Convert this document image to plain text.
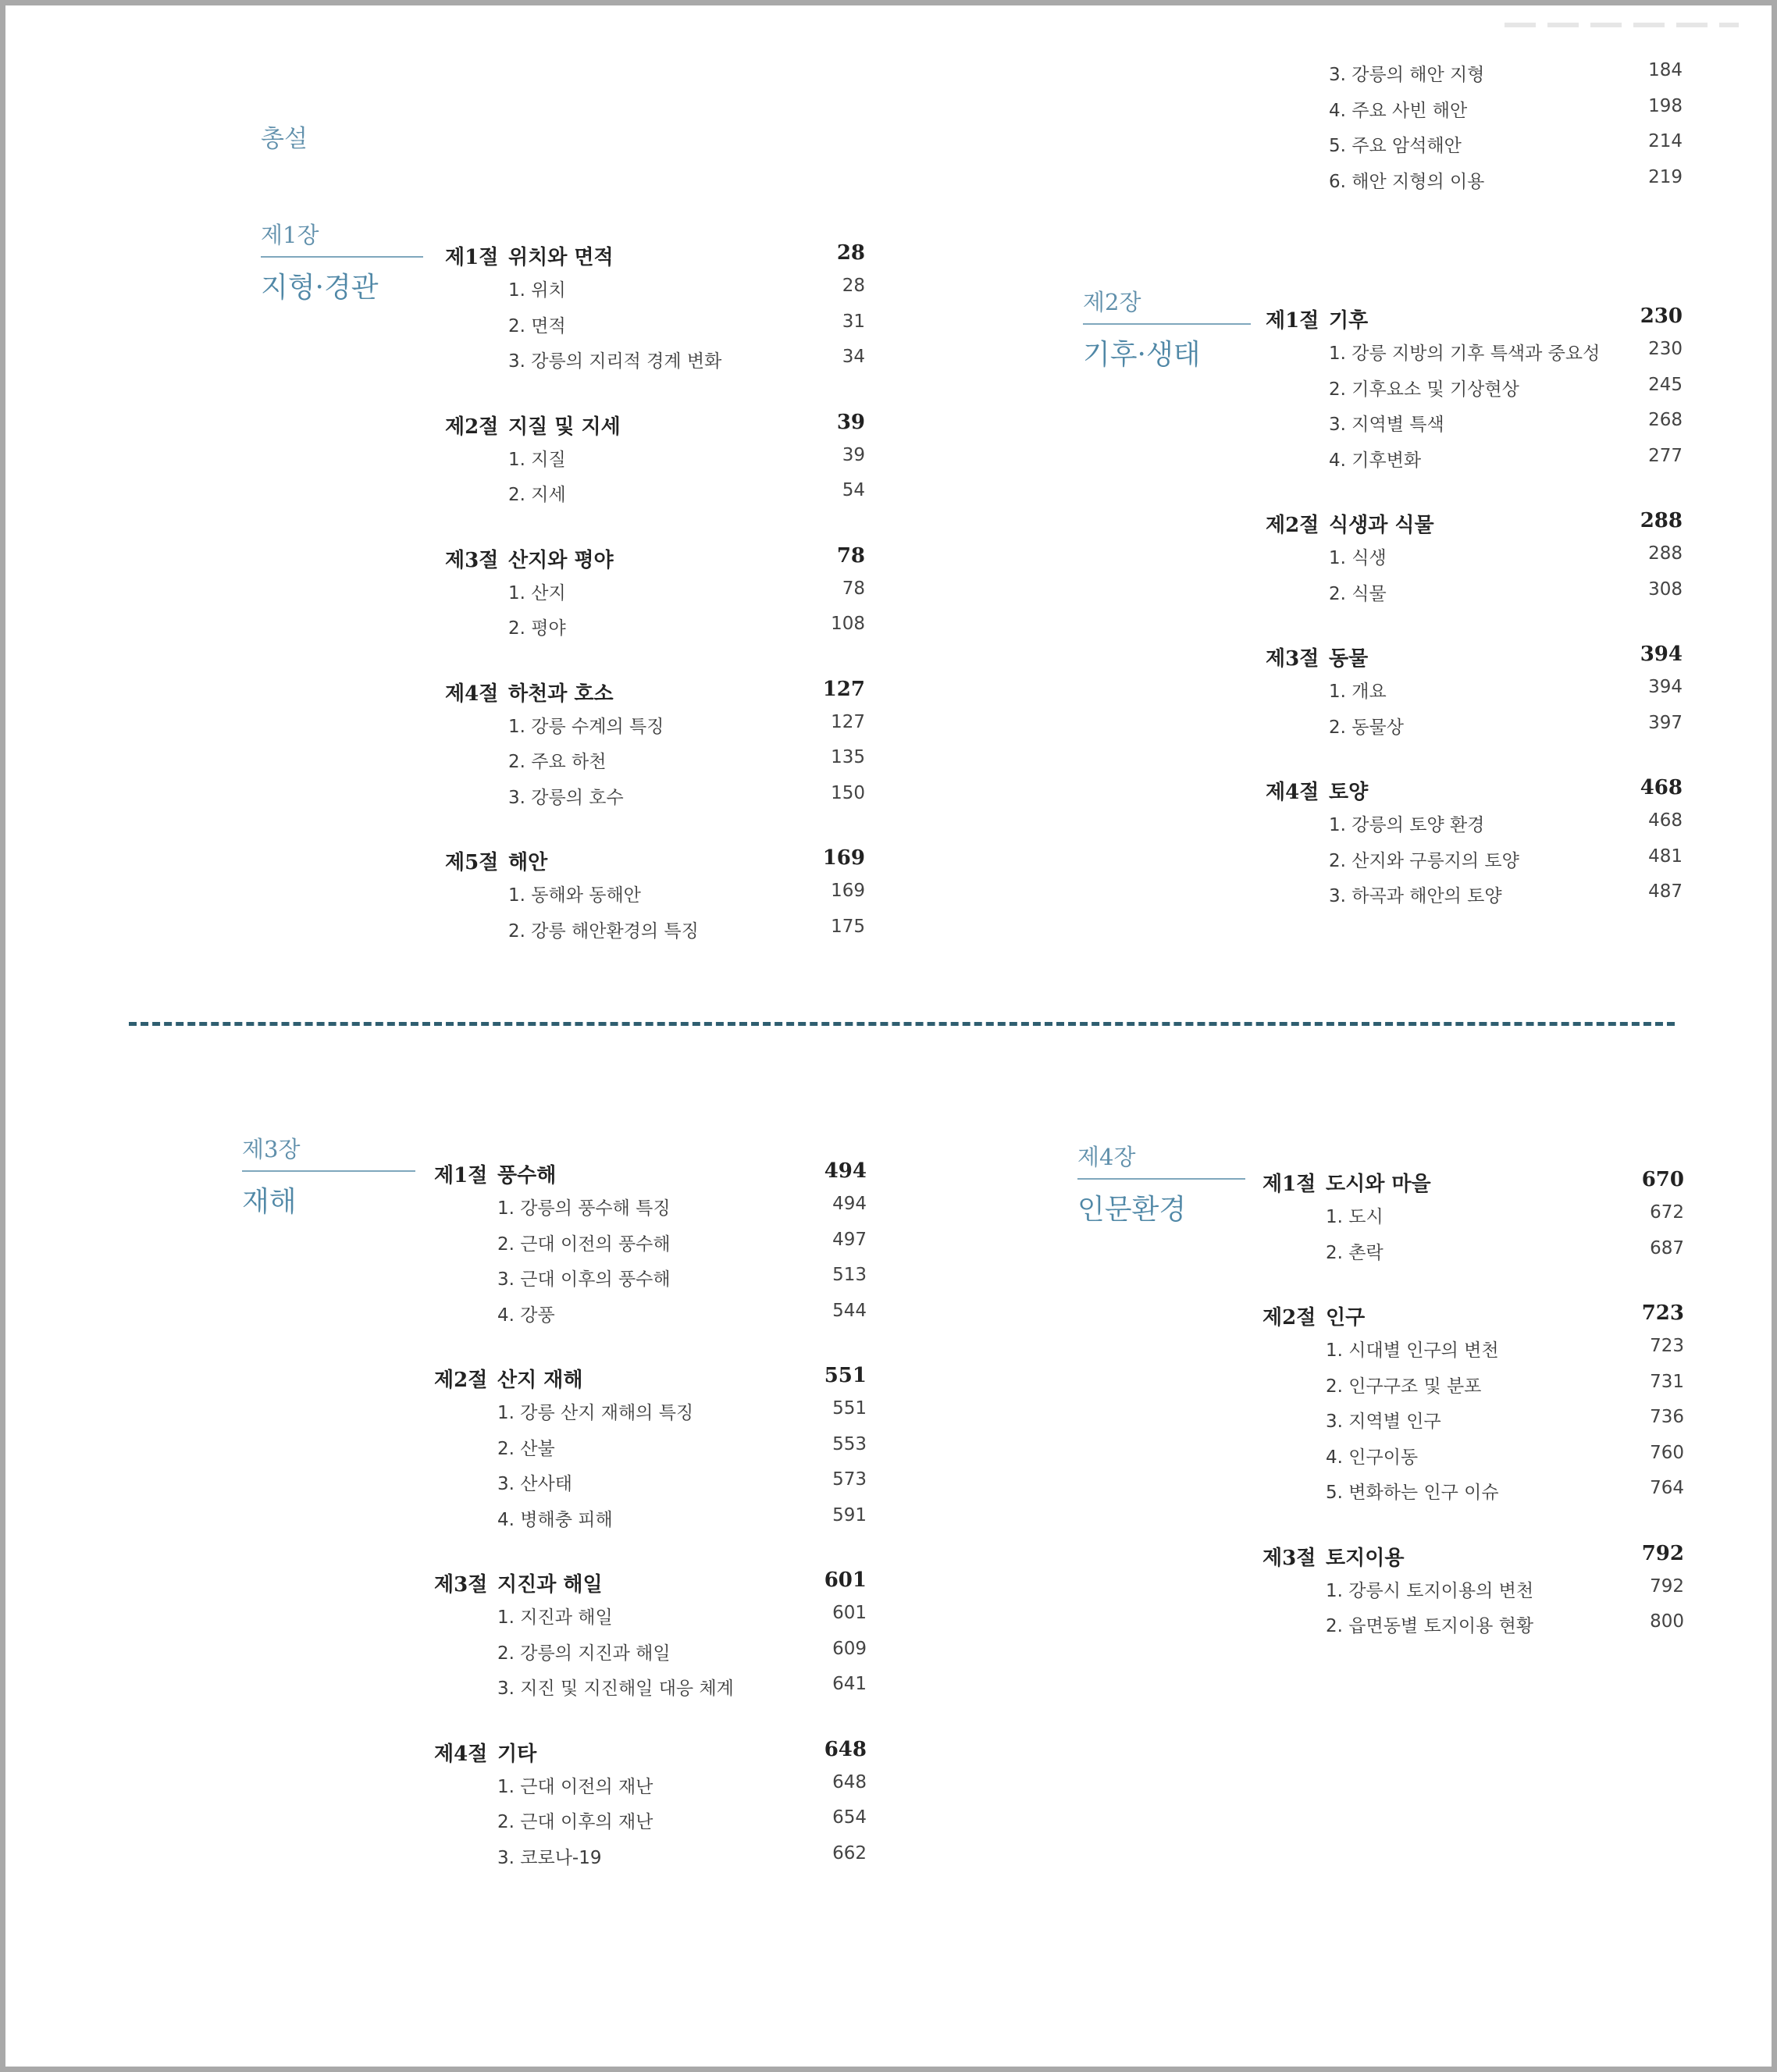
총설
제1장
지형·경관	제2장
기후·생태
제3장
재해
제4장
인문환경
제1절 위치와 면적	28
1. 위치	28
2. 면적	31
3. 강릉의 지리적 경계 변화	34
제2절 지질 및 지세	39
1. 지질	39
2. 지세	54
제3절 산지와 평야	78
1. 산지	78
2. 평야	108
제4절 하천과 호소	127
1. 강릉 수계의 특징	127
2. 주요 하천	135
3. 강릉의 호수	150
제5절 해안	169
1. 동해와 동해안	169
2. 강릉 해안환경의 특징	175
3. 강릉의 해안 지형	184
4. 주요 사빈 해안	198
5. 주요 암석해안	214
6. 해안 지형의 이용	219
제1절 기후	230
1. 강릉 지방의 기후 특색과 중요성	230
2. 기후요소 및 기상현상	245
3. 지역별 특색	268
4. 기후변화	277
제2절 식생과 식물	288
1. 식생	288
2. 식물	308
제3절 동물	394
1. 개요	394
2. 동물상	397
제4절 토양	468
1. 강릉의 토양 환경	468
2. 산지와 구릉지의 토양	481
3. 하곡과 해안의 토양	487
제1절 풍수해	494
1. 강릉의 풍수해 특징	494
2. 근대 이전의 풍수해	497
3. 근대 이후의 풍수해	513
4. 강풍	544
제2절 산지 재해	551
1. 강릉 산지 재해의 특징	551
2. 산불	553
3. 산사태	573
4. 병해충 피해	591
제3절 지진과 해일	601
1. 지진과 해일	601
2. 강릉의 지진과 해일	609
3. 지진 및 지진해일 대응 체계	641
제4절 기타	648
1. 근대 이전의 재난	648
2. 근대 이후의 재난	654
3. 코로나-19	662
제1절 도시와 마을	670
1. 도시	672
2. 촌락	687
제2절 인구	723
1. 시대별 인구의 변천	723
2. 인구구조 및 분포	731
3. 지역별 인구	736
4. 인구이동	760
5. 변화하는 인구 이슈	764
제3절 토지이용	792
1. 강릉시 토지이용의 변천	792
2. 읍면동별 토지이용 현황	800
